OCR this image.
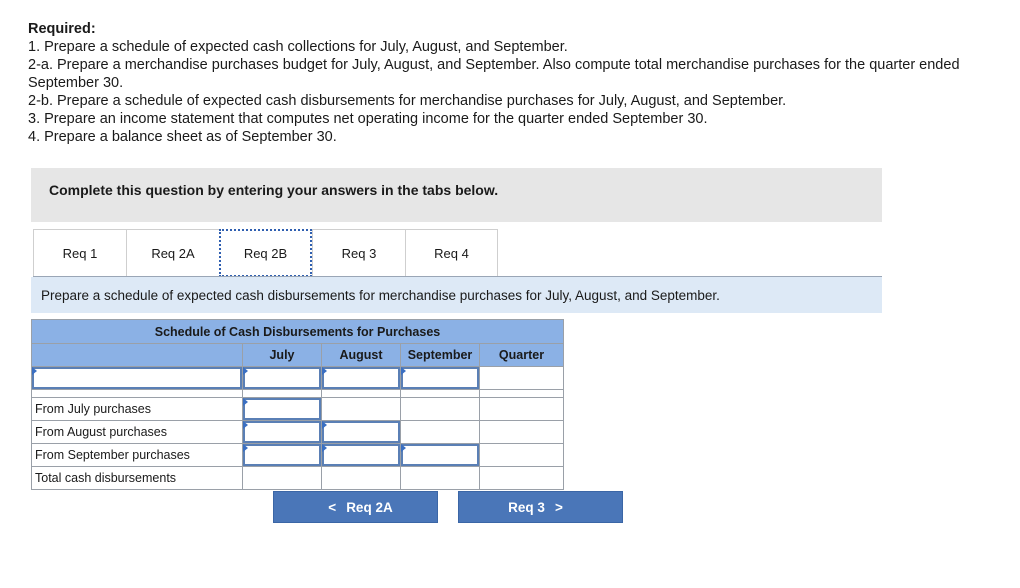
Required:
1. Prepare a schedule of expected cash collections for July, August, and September.
2-a. Prepare a merchandise purchases budget for July, August, and September. Also compute total merchandise purchases for the quarter ended September 30.
2-b. Prepare a schedule of expected cash disbursements for merchandise purchases for July, August, and September.
3. Prepare an income statement that computes net operating income for the quarter ended September 30.
4. Prepare a balance sheet as of September 30.
Complete this question by entering your answers in the tabs below.
Req 1	Req 2A	Req 2B	Req 3	Req 4
Prepare a schedule of expected cash disbursements for merchandise purchases for July, August, and September.
Schedule of Cash Disbursements for Purchases				
	July	August	September	Quarter

From July purchases	

From August purchases	

From September purchases	

Total cash disbursements				
< Req 2A	Req 3 >
